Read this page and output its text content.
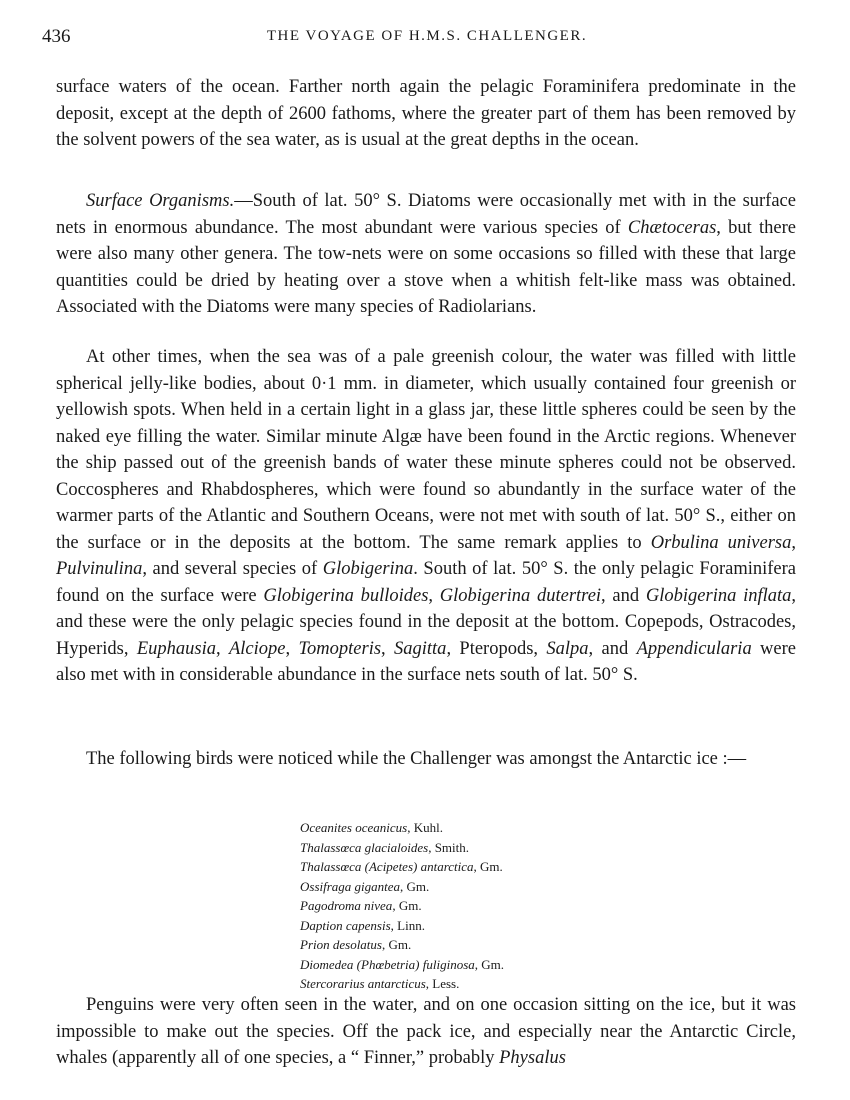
436	THE VOYAGE OF H.M.S. CHALLENGER.

surface waters of the ocean. Farther north again the pelagic Foraminifera predominate in the deposit, except at the depth of 2600 fathoms, where the greater part of them has been removed by the solvent powers of the sea water, as is usual at the great depths in the ocean.

Surface Organisms.—South of lat. 50° S. Diatoms were occasionally met with in the surface nets in enormous abundance. The most abundant were various species of Chætoceras, but there were also many other genera. The tow-nets were on some occasions so filled with these that large quantities could be dried by heating over a stove when a whitish felt-like mass was obtained. Associated with the Diatoms were many species of Radiolarians.

At other times, when the sea was of a pale greenish colour, the water was filled with little spherical jelly-like bodies, about 0·1 mm. in diameter, which usually contained four greenish or yellowish spots. When held in a certain light in a glass jar, these little spheres could be seen by the naked eye filling the water. Similar minute Algæ have been found in the Arctic regions. Whenever the ship passed out of the greenish bands of water these minute spheres could not be observed. Coccospheres and Rhabdospheres, which were found so abundantly in the surface water of the warmer parts of the Atlantic and Southern Oceans, were not met with south of lat. 50° S., either on the surface or in the deposits at the bottom. The same remark applies to Orbulina universa, Pulvinulina, and several species of Globigerina. South of lat. 50° S. the only pelagic Foraminifera found on the surface were Globigerina bulloides, Globigerina dutertrei, and Globigerina inflata, and these were the only pelagic species found in the deposit at the bottom. Copepods, Ostracodes, Hyperids, Euphausia, Alciope, Tomopteris, Sagitta, Pteropods, Salpa, and Appendicularia were also met with in considerable abundance in the surface nets south of lat. 50° S.

The following birds were noticed while the Challenger was amongst the Antarctic ice :—

Oceanites oceanicus, Kuhl.
Thalassœca glacialoides, Smith.
Thalassœca (Acipetes) antarctica, Gm.
Ossifraga gigantea, Gm.
Pagodroma nivea, Gm.
Daption capensis, Linn.
Prion desolatus, Gm.
Diomedea (Phœbetria) fuliginosa, Gm.
Stercorarius antarcticus, Less.

Penguins were very often seen in the water, and on one occasion sitting on the ice, but it was impossible to make out the species. Off the pack ice, and especially near the Antarctic Circle, whales (apparently all of one species, a “ Finner,” probably Physalus
